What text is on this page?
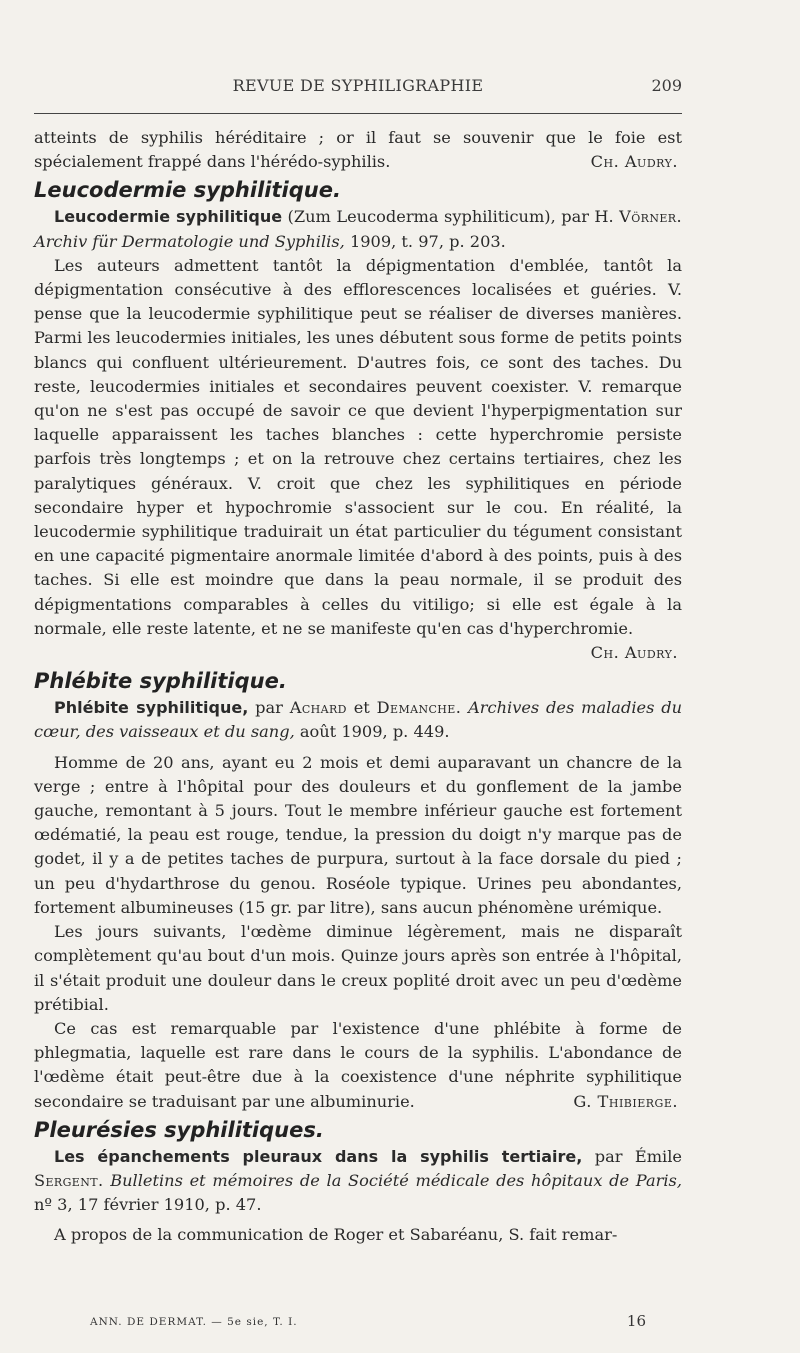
REVUE DE SYPHILIGRAPHIE	209

atteints de syphilis héréditaire ; or il faut se souvenir que le foie est spécialement frappé dans l'hérédo-syphilis.	Ch. Audry.

Leucodermie syphilitique.

Leucodermie syphilitique (Zum Leucoderma syphiliticum), par H. Vörner. Archiv für Dermatologie und Syphilis, 1909, t. 97, p. 203.

Les auteurs admettent tantôt la dépigmentation d'emblée, tantôt la dépigmentation consécutive à des efflorescences localisées et guéries. V. pense que la leucodermie syphilitique peut se réaliser de diverses manières. Parmi les leucodermies initiales, les unes débutent sous forme de petits points blancs qui confluent ultérieurement. D'autres fois, ce sont des taches. Du reste, leucodermies initiales et secondaires peuvent coexister. V. remarque qu'on ne s'est pas occupé de savoir ce que devient l'hyperpigmentation sur laquelle apparaissent les taches blanches : cette hyperchromie persiste parfois très longtemps ; et on la retrouve chez certains tertiaires, chez les paralytiques généraux. V. croit que chez les syphilitiques en période secondaire hyper et hypochromie s'associent sur le cou. En réalité, la leucodermie syphilitique traduirait un état particulier du tégument consistant en une capacité pigmentaire anormale limitée d'abord à des points, puis à des taches. Si elle est moindre que dans la peau normale, il se produit des dépigmentations comparables à celles du vitiligo; si elle est égale à la normale, elle reste latente, et ne se manifeste qu'en cas d'hyperchromie.

Ch. Audry.
Phlébite syphilitique.

Phlébite syphilitique, par Achard et Demanche. Archives des maladies du cœur, des vaisseaux et du sang, août 1909, p. 449.

Homme de 20 ans, ayant eu 2 mois et demi auparavant un chancre de la verge ; entre à l'hôpital pour des douleurs et du gonflement de la jambe gauche, remontant à 5 jours. Tout le membre inférieur gauche est fortement œdématié, la peau est rouge, tendue, la pression du doigt n'y marque pas de godet, il y a de petites taches de purpura, surtout à la face dorsale du pied ; un peu d'hydarthrose du genou. Roséole typique. Urines peu abondantes, fortement albumineuses (15 gr. par litre), sans aucun phénomène urémique.

Les jours suivants, l'œdème diminue légèrement, mais ne disparaît complètement qu'au bout d'un mois. Quinze jours après son entrée à l'hôpital, il s'était produit une douleur dans le creux poplité droit avec un peu d'œdème prétibial.

Ce cas est remarquable par l'existence d'une phlébite à forme de phlegmatia, laquelle est rare dans le cours de la syphilis. L'abondance de l'œdème était peut-être due à la coexistence d'une néphrite syphilitique secondaire se traduisant par une albuminurie.	G. Thibierge.

Pleurésies syphilitiques.

Les épanchements pleuraux dans la syphilis tertiaire, par Émile Sergent. Bulletins et mémoires de la Société médicale des hôpitaux de Paris, nº 3, 17 février 1910, p. 47.

A propos de la communication de Roger et Sabaréanu, S. fait remar-

ANN. DE DERMAT. — 5e sie, T. I.	16
